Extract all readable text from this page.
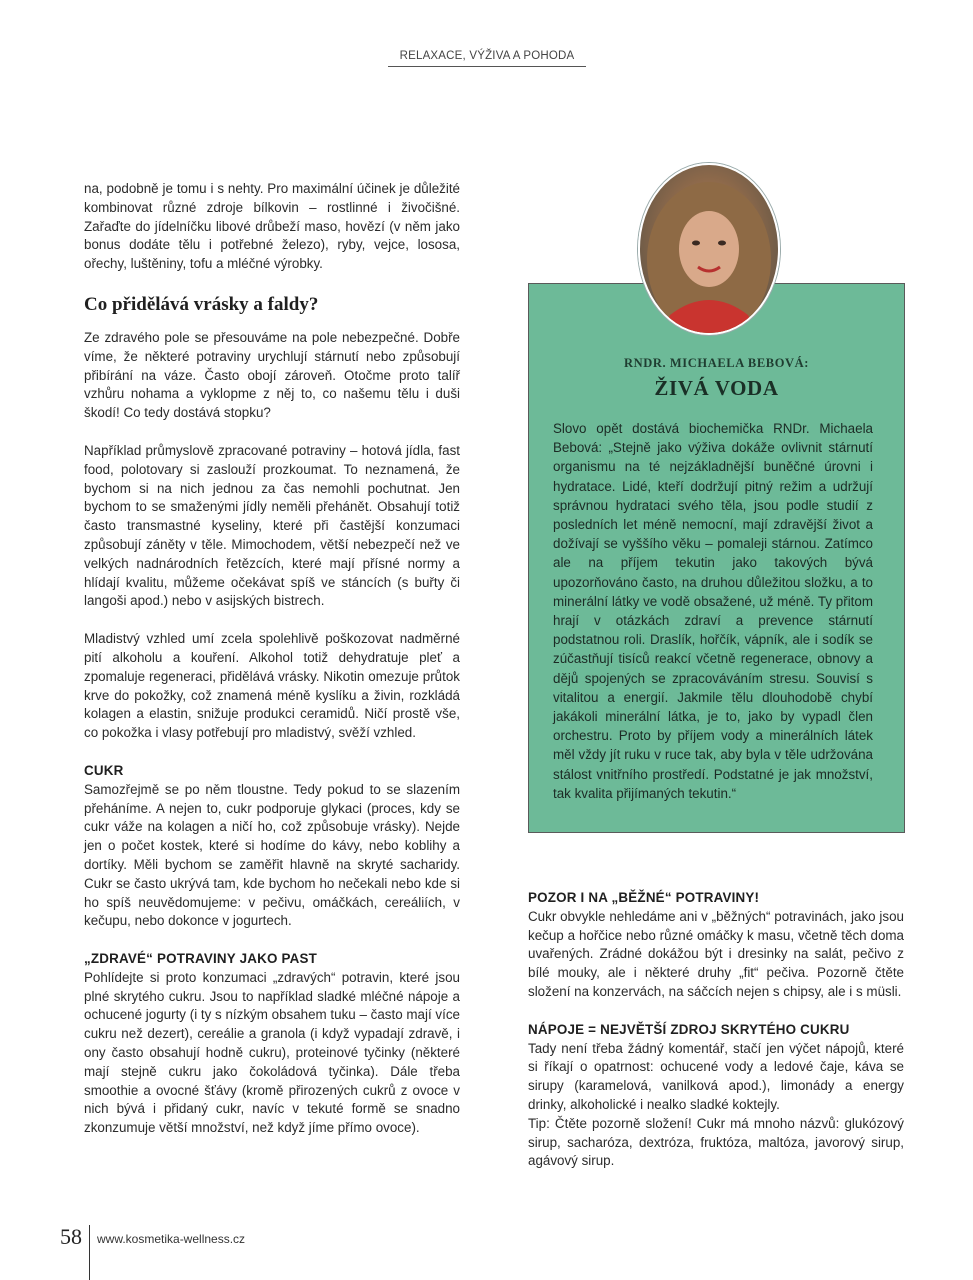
RELAXACE, VÝŽIVA A POHODA

na, podobně je tomu i s nehty. Pro maximální účinek je důležité kombinovat různé zdroje bílkovin – rostlinné i živočišné. Zařaďte do jídelníčku libové drůbeží maso, hovězí (v něm jako bonus dodáte tělu i potřebné železo), ryby, vejce, lososa, ořechy, luštěniny, tofu a mléčné výrobky.

Co přidělává vrásky a faldy?

Ze zdravého pole se přesouváme na pole nebezpečné. Dobře víme, že některé potraviny urychlují stárnutí nebo způsobují přibírání na váze. Často obojí zároveň. Otočme proto talíř vzhůru nohama a vyklopme z něj to, co našemu tělu i duši škodí! Co tedy dostává stopku?

Například průmyslově zpracované potraviny – hotová jídla, fast food, polotovary si zaslouží prozkoumat. To neznamená, že bychom si na nich jednou za čas nemohli pochutnat. Jen bychom to se smaženými jídly neměli přehánět. Obsahují totiž často transmastné kyseliny, které při častější konzumaci způsobují záněty v těle. Mimochodem, větší nebezpečí než ve velkých nadnárodních řetězcích, které mají přísné normy a hlídají kvalitu, můžeme očekávat spíš ve stáncích (s buřty či langoši apod.) nebo v asijských bistrech.

Mladistvý vzhled umí zcela spolehlivě poškozovat nadměrné pití alkoholu a kouření. Alkohol totiž dehydratuje pleť a zpomaluje regeneraci, přidělává vrásky. Nikotin omezuje průtok krve do pokožky, což znamená méně kyslíku a živin, rozkládá kolagen a elastin, snižuje produkci ceramidů. Ničí prostě vše, co pokožka i vlasy potřebují pro mladistvý, svěží vzhled.

CUKR

Samozřejmě se po něm tloustne. Tedy pokud to se slazením přeháníme. A nejen to, cukr podporuje glykaci (proces, kdy se cukr váže na kolagen a ničí ho, což způsobuje vrásky). Nejde jen o počet kostek, které si hodíme do kávy, nebo koblihy a dortíky. Měli bychom se zaměřit hlavně na skryté sacharidy. Cukr se často ukrývá tam, kde bychom ho nečekali nebo kde si ho spíš neuvědomujeme: v pečivu, omáčkách, cereáliích, v kečupu, nebo dokonce v jogurtech.

„ZDRAVÉ“ POTRAVINY JAKO PAST

Pohlídejte si proto konzumaci „zdravých“ potravin, které jsou plné skrytého cukru. Jsou to například sladké mléčné nápoje a ochucené jogurty (i ty s nízkým obsahem tuku – často mají více cukru než dezert), cereálie a granola (i když vypadají zdravě, i ony často obsahují hodně cukru), proteinové tyčinky (některé mají stejně cukru jako čokoládová tyčinka). Dále třeba smoothie a ovocné šťávy (kromě přirozených cukrů z ovoce v nich bývá i přidaný cukr, navíc v tekuté formě se snadno zkonzumuje větší množství, než když jíme přímo ovoce).

RNDR. MICHAELA BEBOVÁ:
ŽIVÁ VODA

Slovo opět dostává biochemička RNDr. Michaela Bebová: „Stejně jako výživa dokáže ovlivnit stárnutí organismu na té nejzákladnější buněčné úrovni i hydratace. Lidé, kteří dodržují pitný režim a udržují správnou hydrataci svého těla, jsou podle studií z posledních let méně nemocní, mají zdravější život a dožívají se vyššího věku – pomaleji stárnou. Zatímco ale na příjem tekutin jako takových bývá upozorňováno často, na druhou důležitou složku, a to minerální látky ve vodě obsažené, už méně. Ty přitom hrají v otázkách zdraví a prevence stárnutí podstatnou roli. Draslík, hořčík, vápník, ale i sodík se zúčastňují tisíců reakcí včetně regenerace, obnovy a dějů spojených se zpracováváním stresu. Souvisí s vitalitou a energií. Jakmile tělu dlouhodobě chybí jakákoli minerální látka, je to, jako by vypadl člen orchestru. Proto by příjem vody a minerálních látek měl vždy jít ruku v ruce tak, aby byla v těle udržována stálost vnitřního prostředí. Podstatné je jak množství, tak kvalita přijímaných tekutin.“

POZOR I NA „BĚŽNÉ“ POTRAVINY!

Cukr obvykle nehledáme ani v „běžných“ potravinách, jako jsou kečup a hořčice nebo různé omáčky k masu, včetně těch doma uvařených. Zrádné dokážou být i dresinky na salát, pečivo z bílé mouky, ale i některé druhy „fit“ pečiva. Pozorně čtěte složení na konzervách, na sáčcích nejen s chipsy, ale i s müsli.

NÁPOJE = NEJVĚTŠÍ ZDROJ SKRYTÉHO CUKRU

Tady není třeba žádný komentář, stačí jen výčet nápojů, které si říkají o opatrnost: ochucené vody a ledové čaje, káva se sirupy (karamelová, vanilková apod.), limonády a energy drinky, alkoholické i nealko sladké koktejly.

Tip: Čtěte pozorně složení! Cukr má mnoho názvů: glukózový sirup, sacharóza, dextróza, fruktóza, maltóza, javorový sirup, agávový sirup.

58 www.kosmetika-wellness.cz
